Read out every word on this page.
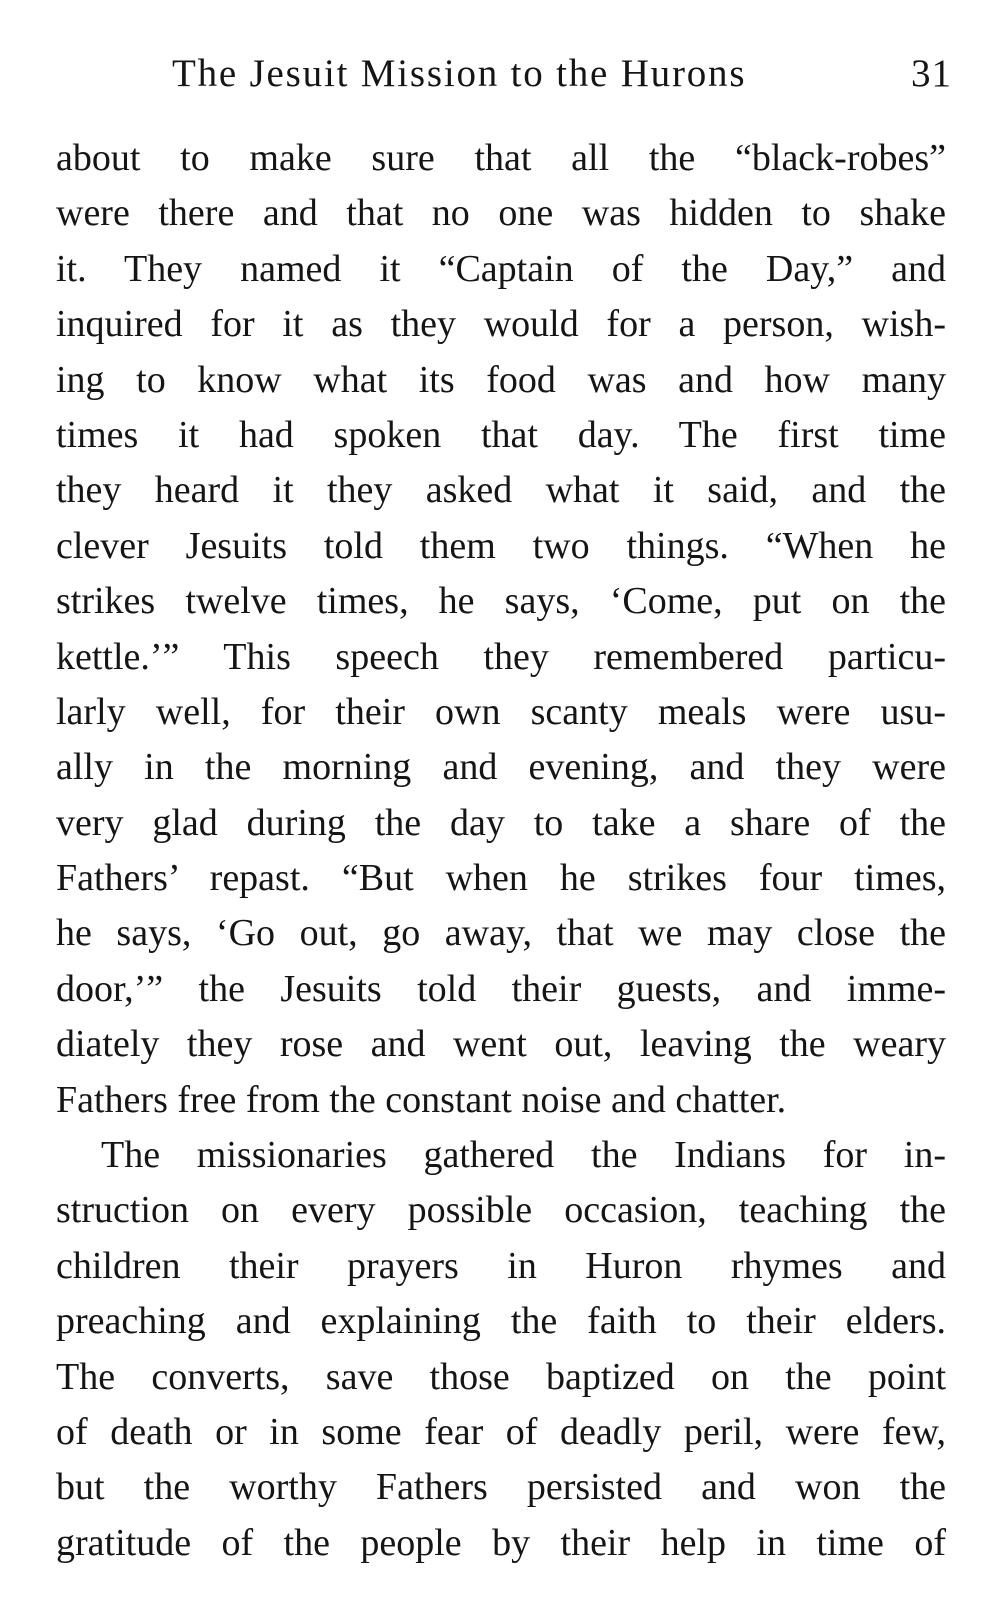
The Jesuit Mission to the Hurons	31
about to make sure that all the “black-robes”
were there and that no one was hidden to shake
it. They named it “Captain of the Day,” and
inquired for it as they would for a person, wish-
ing to know what its food was and how many
times it had spoken that day. The first time
they heard it they asked what it said, and the
clever Jesuits told them two things. “When he
strikes twelve times, he says, ‘Come, put on the
kettle.’” This speech they remembered particu-
larly well, for their own scanty meals were usu-
ally in the morning and evening, and they were
very glad during the day to take a share of the
Fathers’ repast. “But when he strikes four times,
he says, ‘Go out, go away, that we may close the
door,’” the Jesuits told their guests, and imme-
diately they rose and went out, leaving the weary
Fathers free from the constant noise and chatter.
The missionaries gathered the Indians for in-
struction on every possible occasion, teaching the
children their prayers in Huron rhymes and
preaching and explaining the faith to their elders.
The converts, save those baptized on the point
of death or in some fear of deadly peril, were few,
but the worthy Fathers persisted and won the
gratitude of the people by their help in time of
